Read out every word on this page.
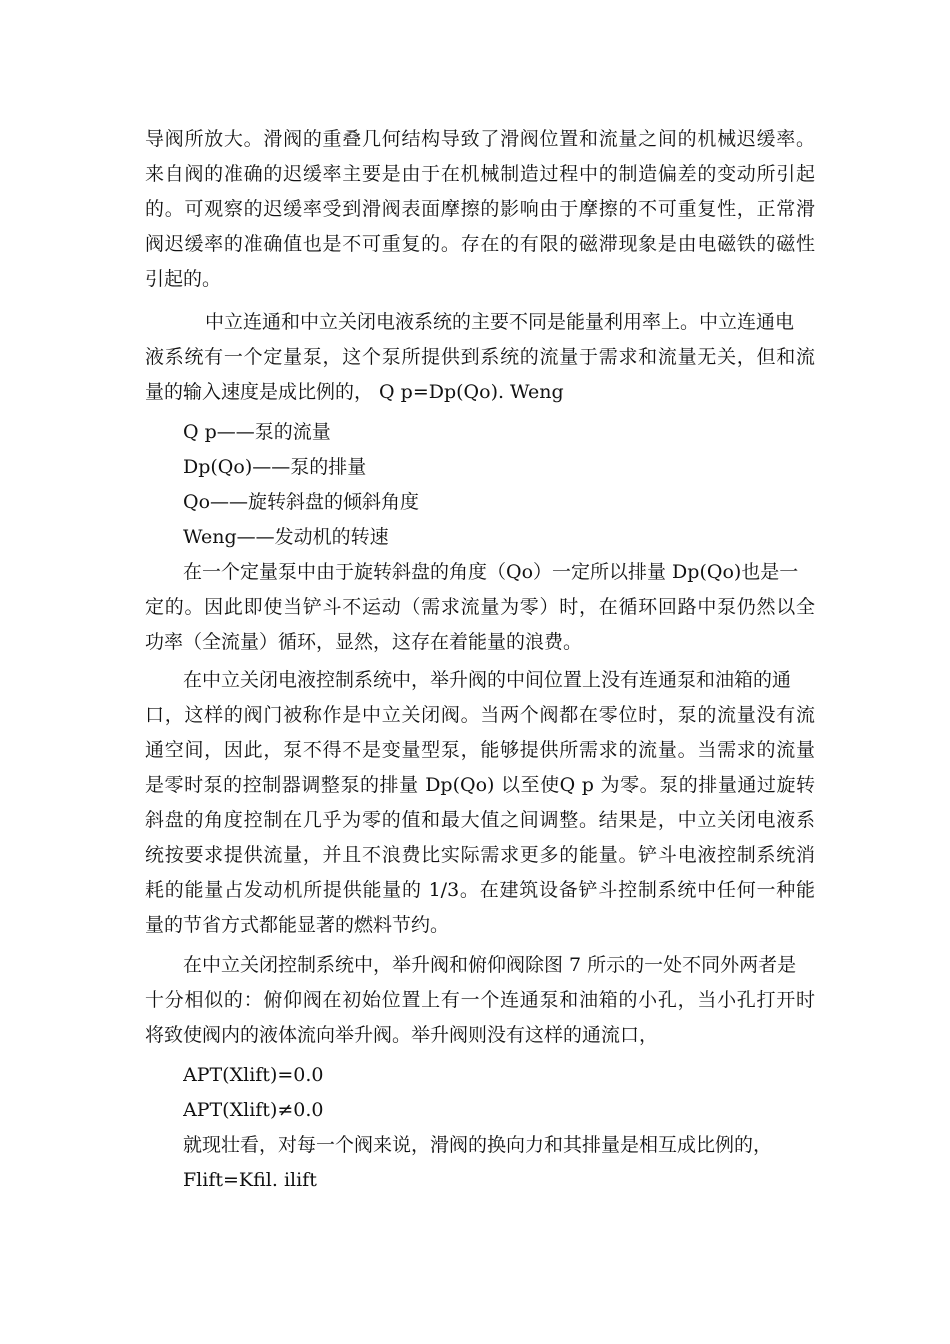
导阀所放大。滑阀的重叠几何结构导致了滑阀位置和流量之间的机械迟缓率。
来自阀的准确的迟缓率主要是由于在机械制造过程中的制造偏差的变动所引起
的。可观察的迟缓率受到滑阀表面摩擦的影响由于摩擦的不可重复性，正常滑
阀迟缓率的准确值也是不可重复的。存在的有限的磁滞现象是由电磁铁的磁性
引起的。
中立连通和中立关闭电液系统的主要不同是能量利用率上。中立连通电
液系统有一个定量泵，这个泵所提供到系统的流量于需求和流量无关，但和流
量的输入速度是成比例的， Q p=Dp(Qo). Weng
Q p——泵的流量
Dp(Qo)——泵的排量
Qo——旋转斜盘的倾斜角度
Weng——发动机的转速
在一个定量泵中由于旋转斜盘的角度（Qo）一定所以排量 Dp(Qo)也是一
定的。因此即使当铲斗不运动（需求流量为零）时，在循环回路中泵仍然以全
功率（全流量）循环，显然，这存在着能量的浪费。
在中立关闭电液控制系统中，举升阀的中间位置上没有连通泵和油箱的通
口，这样的阀门被称作是中立关闭阀。当两个阀都在零位时，泵的流量没有流
通空间，因此，泵不得不是变量型泵，能够提供所需求的流量。当需求的流量
是零时泵的控制器调整泵的排量 Dp(Qo) 以至使Q p 为零。泵的排量通过旋转
斜盘的角度控制在几乎为零的值和最大值之间调整。结果是，中立关闭电液系
统按要求提供流量，并且不浪费比实际需求更多的能量。铲斗电液控制系统消
耗的能量占发动机所提供能量的 1/3。在建筑设备铲斗控制系统中任何一种能
量的节省方式都能显著的燃料节约。
在中立关闭控制系统中，举升阀和俯仰阀除图 7 所示的一处不同外两者是
十分相似的：俯仰阀在初始位置上有一个连通泵和油箱的小孔，当小孔打开时
将致使阀内的液体流向举升阀。举升阀则没有这样的通流口，
APT(Xlift)=0.0
APT(Xlift)≠0.0
就现壮看，对每一个阀来说，滑阀的换向力和其排量是相互成比例的，
Flift=Kfil. ilift
